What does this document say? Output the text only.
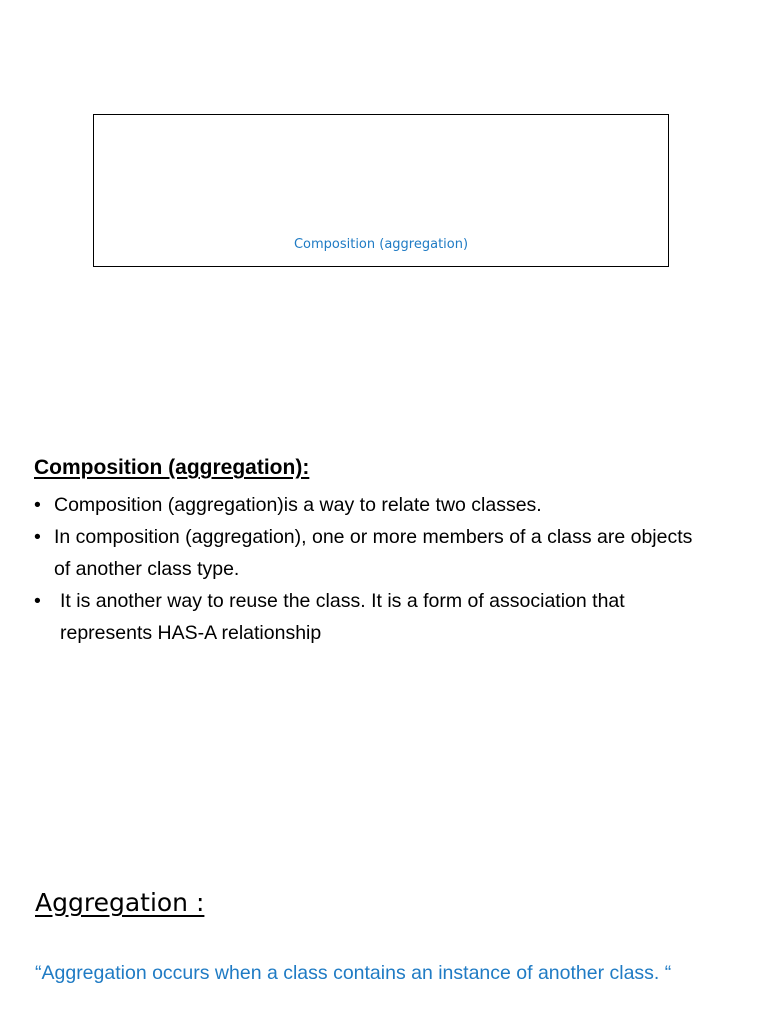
Composition (aggregation)
Composition (aggregation):
• Composition (aggregation)is a way to relate two classes.
• In composition (aggregation), one or more members of a class are objects of another class type.
• It is another way to reuse the class. It is a form of association that represents HAS-A relationship
Aggregation :
“Aggregation occurs when a class contains an instance of another class. “
